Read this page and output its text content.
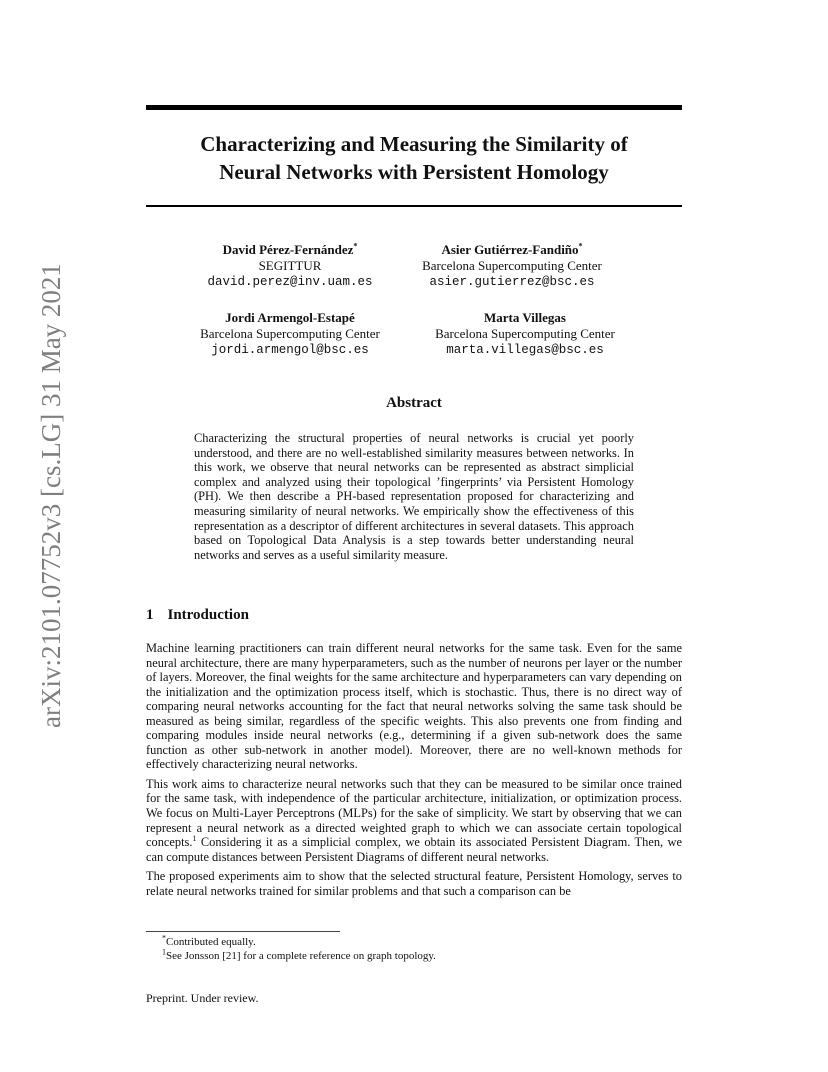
arXiv:2101.07752v3 [cs.LG] 31 May 2021
Characterizing and Measuring the Similarity of
Neural Networks with Persistent Homology
David Pérez-Fernández*
SEGITTUR
david.perez@inv.uam.es
Asier Gutiérrez-Fandiño*
Barcelona Supercomputing Center
asier.gutierrez@bsc.es
Jordi Armengol-Estapé
Barcelona Supercomputing Center
jordi.armengol@bsc.es
Marta Villegas
Barcelona Supercomputing Center
marta.villegas@bsc.es
Abstract

Characterizing the structural properties of neural networks is crucial yet poorly understood, and there are no well-established similarity measures between networks. In this work, we observe that neural networks can be represented as abstract simplicial complex and analyzed using their topological ’fingerprints’ via Persistent Homology (PH). We then describe a PH-based representation proposed for characterizing and measuring similarity of neural networks. We empirically show the effectiveness of this representation as a descriptor of different architectures in several datasets. This approach based on Topological Data Analysis is a step towards better understanding neural networks and serves as a useful similarity measure.

1 Introduction

Machine learning practitioners can train different neural networks for the same task. Even for the same neural architecture, there are many hyperparameters, such as the number of neurons per layer or the number of layers. Moreover, the final weights for the same architecture and hyperparameters can vary depending on the initialization and the optimization process itself, which is stochastic. Thus, there is no direct way of comparing neural networks accounting for the fact that neural networks solving the same task should be measured as being similar, regardless of the specific weights. This also prevents one from finding and comparing modules inside neural networks (e.g., determining if a given sub-network does the same function as other sub-network in another model). Moreover, there are no well-known methods for effectively characterizing neural networks.

This work aims to characterize neural networks such that they can be measured to be similar once trained for the same task, with independence of the particular architecture, initialization, or optimization process. We focus on Multi-Layer Perceptrons (MLPs) for the sake of simplicity. We start by observing that we can represent a neural network as a directed weighted graph to which we can associate certain topological concepts.$^1$ Considering it as a simplicial complex, we obtain its associated Persistent Diagram. Then, we can compute distances between Persistent Diagrams of different neural networks.

The proposed experiments aim to show that the selected structural feature, Persistent Homology, serves to relate neural networks trained for similar problems and that such a comparison can be

*Contributed equally.
$^1$See Jonsson [21] for a complete reference on graph topology.
Preprint. Under review.
